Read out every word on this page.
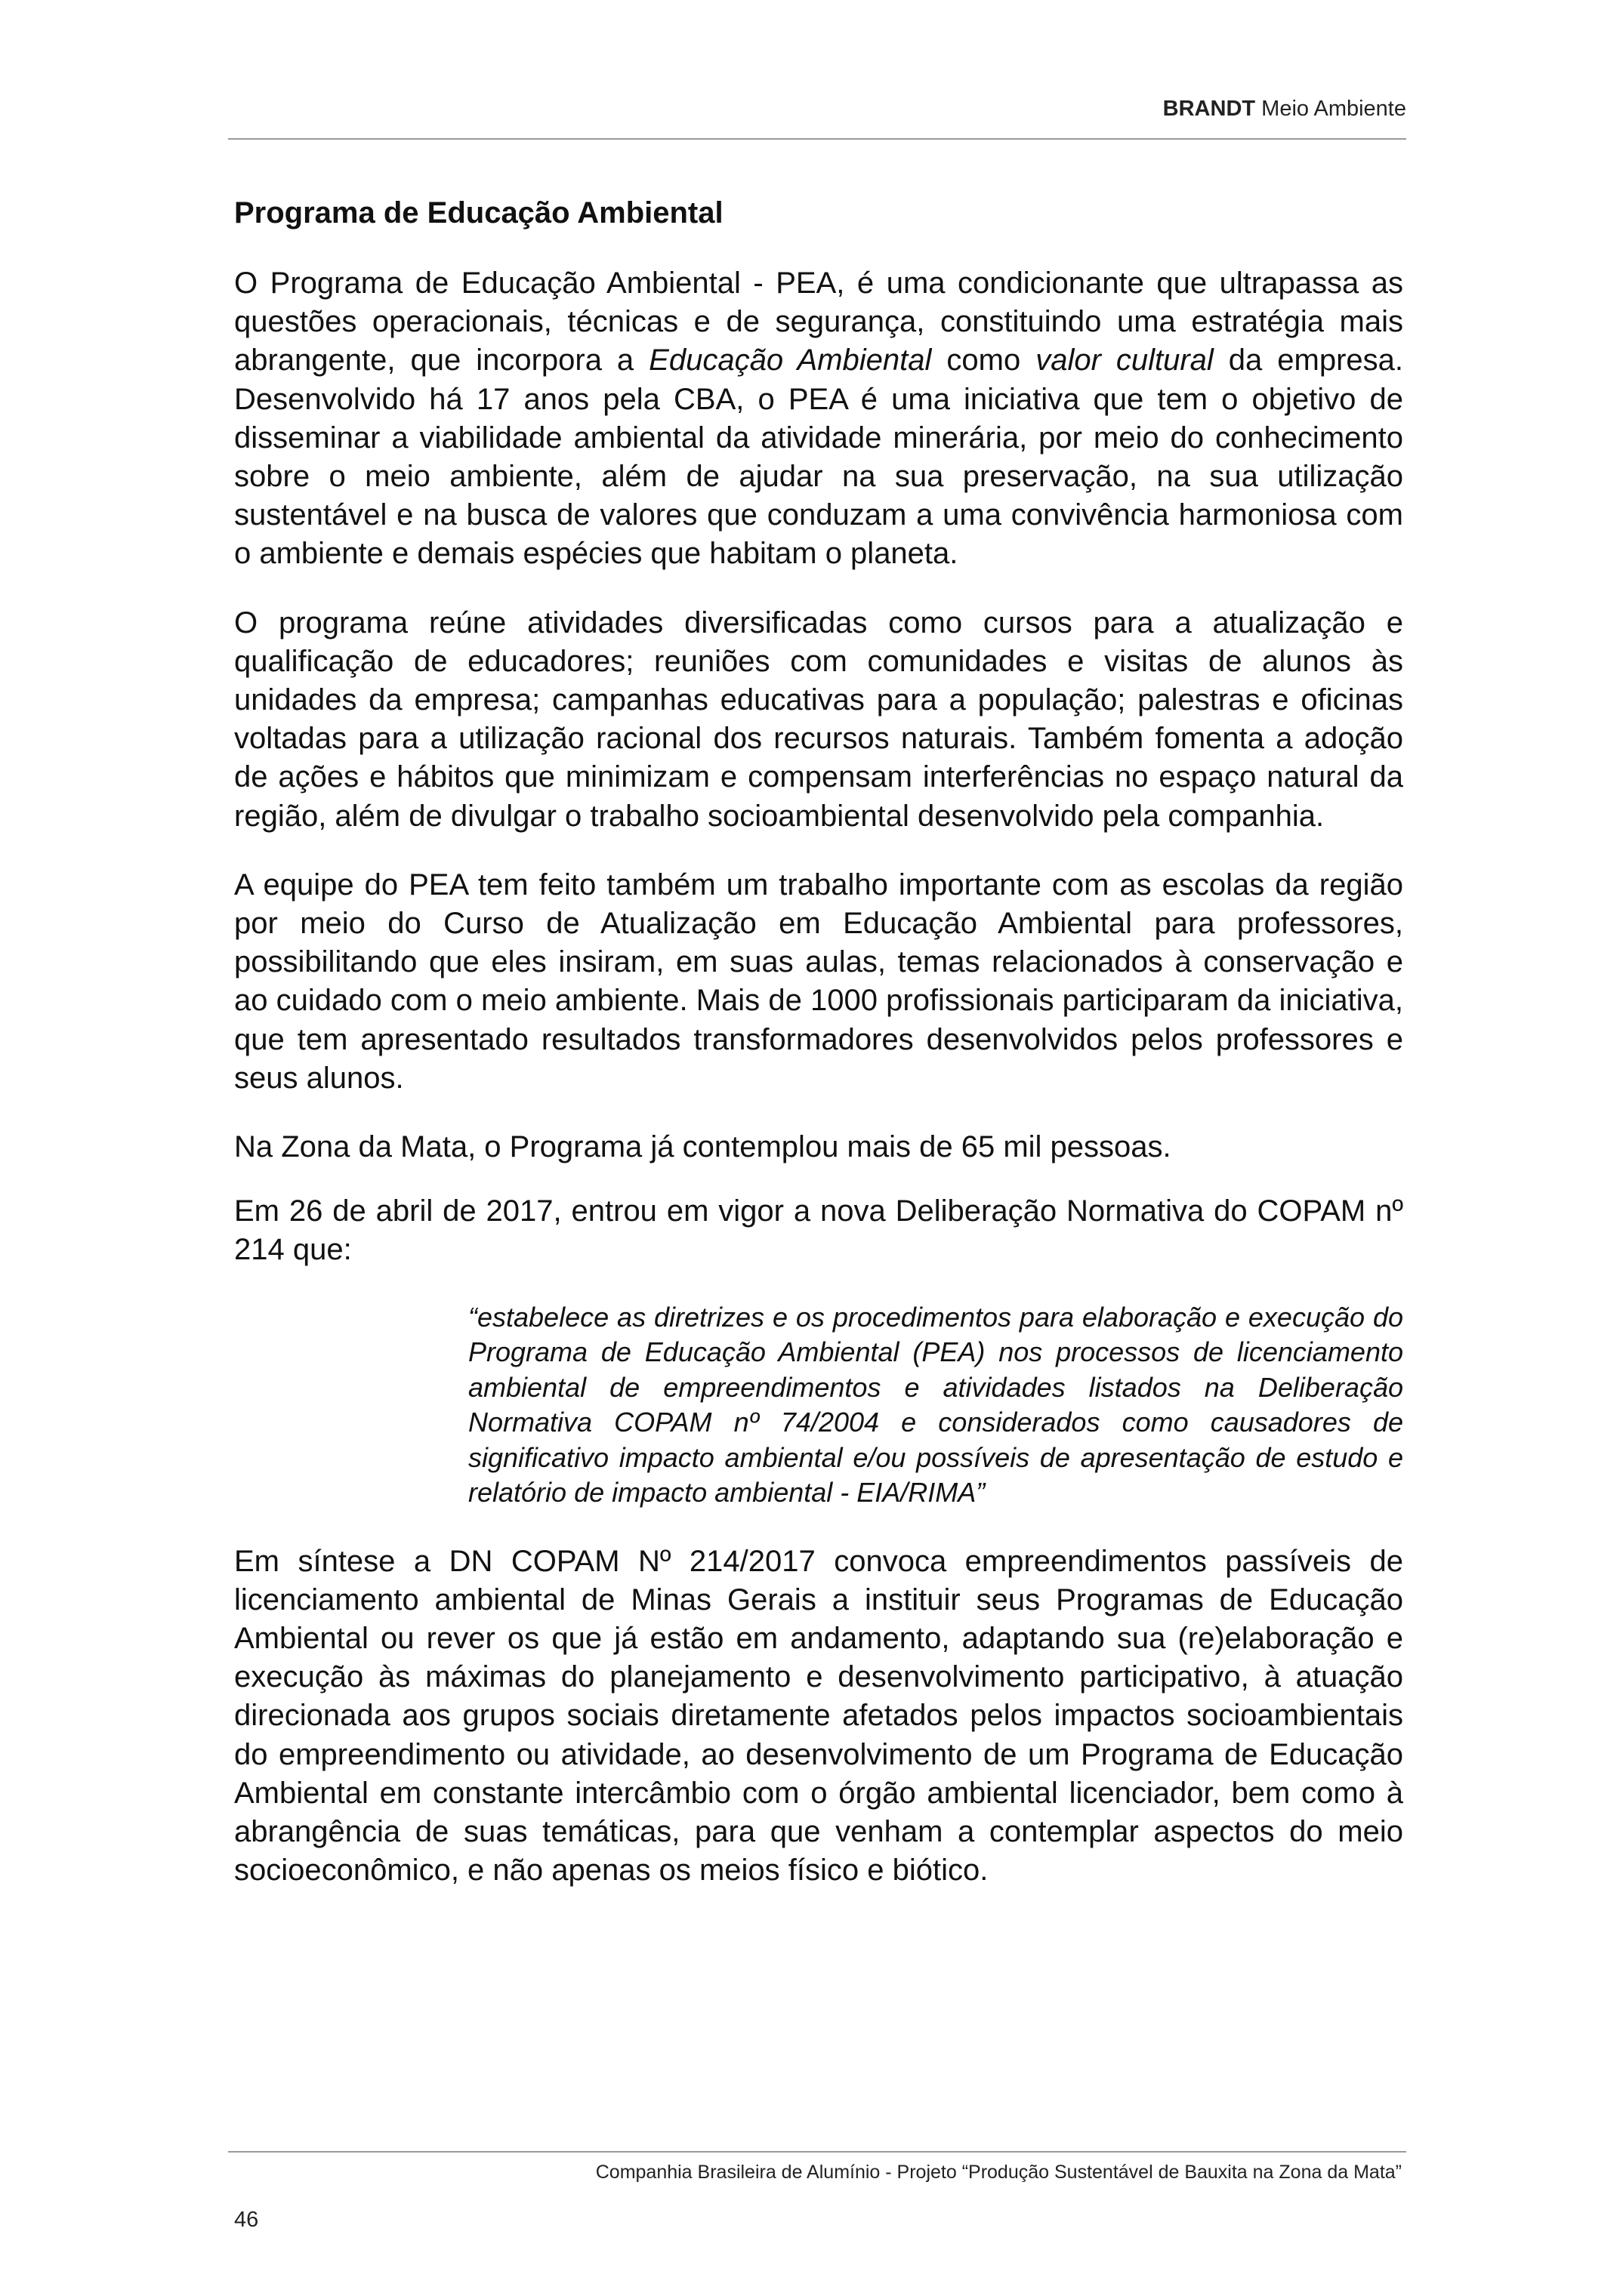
BRANDT Meio Ambiente
Programa de Educação Ambiental

O Programa de Educação Ambiental - PEA, é uma condicionante que ultrapassa as questões operacionais, técnicas e de segurança, constituindo uma estratégia mais abrangente, que incorpora a Educação Ambiental como valor cultural da empresa. Desenvolvido há 17 anos pela CBA, o PEA é uma iniciativa que tem o objetivo de disseminar a viabilidade ambiental da atividade minerária, por meio do conhecimento sobre o meio ambiente, além de ajudar na sua preservação, na sua utilização sustentável e na busca de valores que conduzam a uma convivência harmoniosa com o ambiente e demais espécies que habitam o planeta.

O programa reúne atividades diversificadas como cursos para a atualização e qualificação de educadores; reuniões com comunidades e visitas de alunos às unidades da empresa; campanhas educativas para a população; palestras e oficinas voltadas para a utilização racional dos recursos naturais. Também fomenta a adoção de ações e hábitos que minimizam e compensam interferências no espaço natural da região, além de divulgar o trabalho socioambiental desenvolvido pela companhia.

A equipe do PEA tem feito também um trabalho importante com as escolas da região por meio do Curso de Atualização em Educação Ambiental para professores, possibilitando que eles insiram, em suas aulas, temas relacionados à conservação e ao cuidado com o meio ambiente. Mais de 1000 profissionais participaram da iniciativa, que tem apresentado resultados transformadores desenvolvidos pelos professores e seus alunos.

Na Zona da Mata, o Programa já contemplou mais de 65 mil pessoas.

Em 26 de abril de 2017, entrou em vigor a nova Deliberação Normativa do COPAM nº 214 que:

“estabelece as diretrizes e os procedimentos para elaboração e execução do Programa de Educação Ambiental (PEA) nos processos de licenciamento ambiental de empreendimentos e atividades listados na Deliberação Normativa COPAM nº 74/2004 e considerados como causadores de significativo impacto ambiental e/ou possíveis de apresentação de estudo e relatório de impacto ambiental - EIA/RIMA”

Em síntese a DN COPAM Nº 214/2017 convoca empreendimentos passíveis de licenciamento ambiental de Minas Gerais a instituir seus Programas de Educação Ambiental ou rever os que já estão em andamento, adaptando sua (re)elaboração e execução às máximas do planejamento e desenvolvimento participativo, à atuação direcionada aos grupos sociais diretamente afetados pelos impactos socioambientais do empreendimento ou atividade, ao desenvolvimento de um Programa de Educação Ambiental em constante intercâmbio com o órgão ambiental licenciador, bem como à abrangência de suas temáticas, para que venham a contemplar aspectos do meio socioeconômico, e não apenas os meios físico e biótico.

Companhia Brasileira de Alumínio - Projeto “Produção Sustentável de Bauxita na Zona da Mata”
46
